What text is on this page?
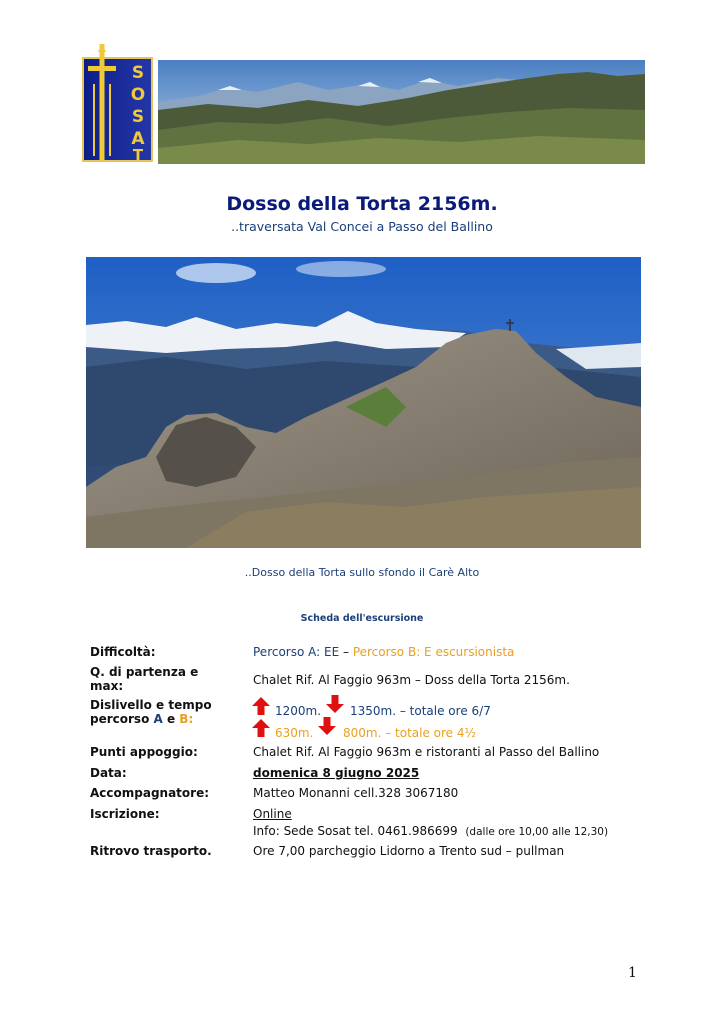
S
O
S
A
T
Dosso della Torta 2156m.
..traversata Val Concei a Passo del Ballino
..Dosso della Torta sullo sfondo il Carè Alto
Scheda dell'escursione
Difficoltà:	Percorso A: EE – Percorso B: E escursionista
Q. di partenza e
max:	Chalet Rif. Al Faggio 963m – Doss della Torta 2156m.
Dislivello e tempo
percorso A e B:
1200m. 1350m. – totale ore 6/7
630m. 800m. – totale ore 4½
Punti appoggio:	Chalet Rif. Al Faggio 963m e ristoranti al Passo del Ballino
Data:	domenica 8 giugno 2025
Accompagnatore:	Matteo Monanni cell.328 3067180
Iscrizione:	Online
Info: Sede Sosat tel. 0461.986699 (dalle ore 10,00 alle 12,30)
Ritrovo trasporto.	Ore 7,00 parcheggio Lidorno a Trento sud – pullman
1
